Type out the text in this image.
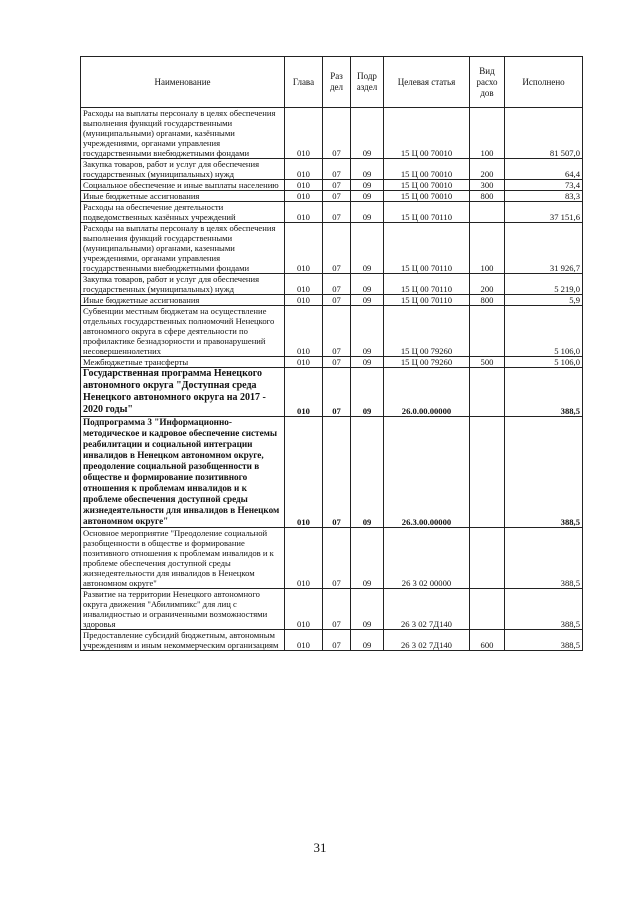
Наименование	Глава	Раз дел	Подр аздел	Целевая статья	Вид расхо дов	Исполнено
Расходы на выплаты персоналу в целях обеспечения выполнения функций государственными (муниципальными) органами, казёнными учреждениями, органами управления государственными внебюджетными фондами	010	07	09	15 Ц 00 70010	100	81 507,0
Закупка товаров, работ и услуг для обеспечения государственных (муниципальных) нужд	010	07	09	15 Ц 00 70010	200	64,4
Социальное обеспечение и иные выплаты населению	010	07	09	15 Ц 00 70010	300	73,4
Иные бюджетные ассигнования	010	07	09	15 Ц 00 70010	800	83,3
Расходы на обеспечение деятельности подведомственных казённых учреждений	010	07	09	15 Ц 00 70110		37 151,6
Расходы на выплаты персоналу в целях обеспечения выполнения функций государственными (муниципальными) органами, казенными учреждениями, органами управления государственными внебюджетными фондами	010	07	09	15 Ц 00 70110	100	31 926,7
Закупка товаров, работ и услуг для обеспечения государственных (муниципальных) нужд	010	07	09	15 Ц 00 70110	200	5 219,0
Иные бюджетные ассигнования	010	07	09	15 Ц 00 70110	800	5,9
Субвенции местным бюджетам на осуществление отдельных государственных полномочий Ненецкого автономного округа в сфере деятельности по профилактике безнадзорности и правонарушений несовершеннолетних	010	07	09	15 Ц 00 79260		5 106,0
Межбюджетные трансферты	010	07	09	15 Ц 00 79260	500	5 106,0
Государственная программа Ненецкого автономного округа "Доступная среда Ненецкого автономного округа на 2017 - 2020 годы"	010	07	09	26.0.00.00000		388,5
Подпрограмма 3 "Информационно-методическое и кадровое обеспечение системы реабилитации и социальной интеграции инвалидов в Ненецком автономном округе, преодоление социальной разобщенности в обществе и формирование позитивного отношения к проблемам инвалидов и к проблеме обеспечения доступной среды жизнедеятельности для инвалидов в Ненецком автономном округе"	010	07	09	26.3.00.00000		388,5
Основное мероприятие "Преодоление социальной разобщенности в обществе и формирование позитивного отношения к проблемам инвалидов и к проблеме обеспечения доступной среды жизнедеятельности для инвалидов в Ненецком автономном округе"	010	07	09	26 3 02 00000		388,5
Развитие на территории Ненецкого автономного округа движения "Абилимпикс" для лиц с инвалидностью и ограниченными возможностями здоровья	010	07	09	26 3 02 7Д140		388,5
Предоставление субсидий бюджетным, автономным учреждениям и иным некоммерческим организациям	010	07	09	26 3 02 7Д140	600	388,5
31
